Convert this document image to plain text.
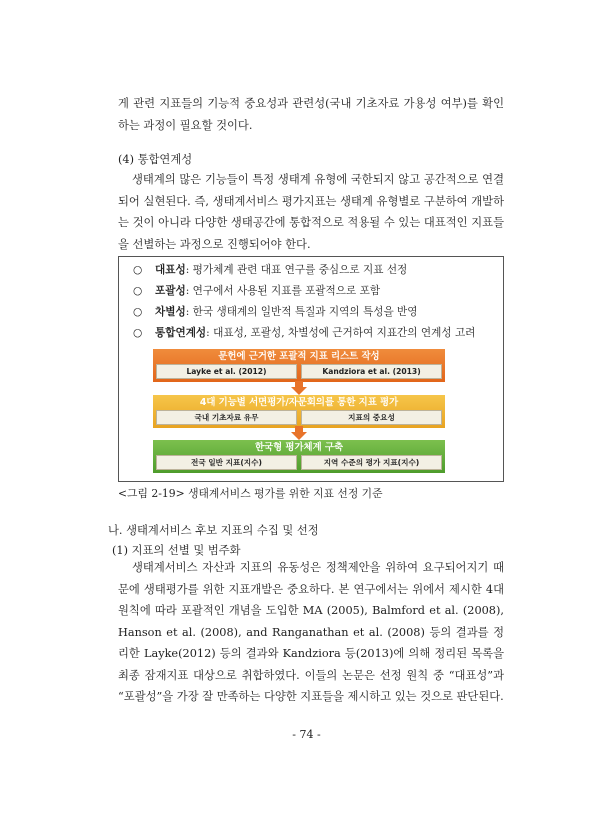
게 관련 지표들의 기능적 중요성과 관련성(국내 기초자료 가용성 여부)를 확인하는 과정이 필요할 것이다.

(4) 통합연계성

생태계의 많은 기능들이 특정 생태계 유형에 국한되지 않고 공간적으로 연결되어 실현된다. 즉, 생태계서비스 평가지표는 생태계 유형별로 구분하여 개발하는 것이 아니라 다양한 생태공간에 통합적으로 적용될 수 있는 대표적인 지표들을 선별하는 과정으로 진행되어야 한다.

○ 대표성: 평가체계 관련 대표 연구를 중심으로 지표 선정
○ 포괄성: 연구에서 사용된 지표를 포괄적으로 포함
○ 차별성: 한국 생태계의 일반적 특질과 지역의 특성을 반영
○ 통합연계성: 대표성, 포괄성, 차별성에 근거하여 지표간의 연계성 고려
문헌에 근거한 포괄적 지표 리스트 작성
Layke et al. (2012)	Kandziora et al. (2013)
4대 기능별 서면평가/자문회의를 통한 지표 평가
국내 기초자료 유무	지표의 중요성
한국형 평가체계 구축
전국 일반 지표(지수)	지역 수준의 평가 지표(지수)

<그림 2-19> 생태계서비스 평가를 위한 지표 선정 기준

나. 생태계서비스 후보 지표의 수집 및 선정

(1) 지표의 선별 및 범주화

생태계서비스 자산과 지표의 유동성은 정책제안을 위하여 요구되어지기 때문에 생태평가를 위한 지표개발은 중요하다. 본 연구에서는 위에서 제시한 4대 원칙에 따라 포괄적인 개념을 도입한 MA (2005), Balmford et al. (2008), Hanson et al. (2008), and Ranganathan et al. (2008) 등의 결과를 정리한 Layke(2012) 등의 결과와 Kandziora 등(2013)에 의해 정리된 목록을 최종 잠재지표 대상으로 취합하였다. 이들의 논문은 선정 원칙 중 “대표성”과 “포괄성”을 가장 잘 만족하는 다양한 지표들을 제시하고 있는 것으로 판단된다.

- 74 -
